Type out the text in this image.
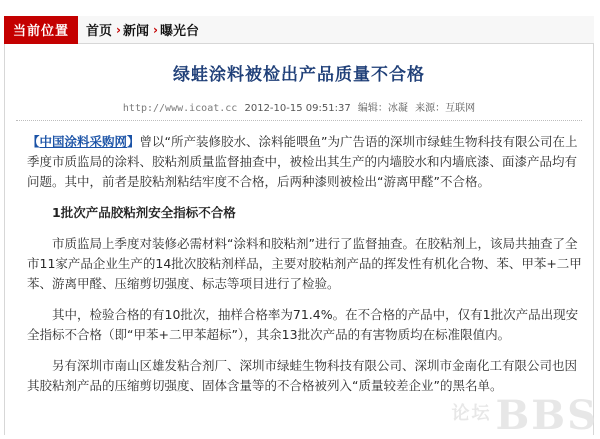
当前位置	首页 › 新闻 › 曝光台
绿蛙涂料被检出产品质量不合格
http://www.icoat.cc 2012-10-15 09:51:37 编辑：冰凝 来源：互联网

【中国涂料采购网】曾以“所产装修胶水、涂料能喂鱼”为广告语的深圳市绿蛙生物科技有限公司在上季度市质监局的涂料、胶粘剂质量监督抽查中，被检出其生产的内墙胶水和内墙底漆、面漆产品均有问题。其中，前者是胶粘剂粘结牢度不合格，后两种漆则被检出“游离甲醛”不合格。

1批次产品胶粘剂安全指标不合格

市质监局上季度对装修必需材料“涂料和胶粘剂”进行了监督抽查。在胶粘剂上，该局共抽查了全市11家产品企业生产的14批次胶粘剂样品，主要对胶粘剂产品的挥发性有机化合物、苯、甲苯+二甲苯、游离甲醛、压缩剪切强度、标志等项目进行了检验。

其中，检验合格的有10批次，抽样合格率为71.4%。在不合格的产品中，仅有1批次产品出现安全指标不合格（即“甲苯+二甲苯超标”），其余13批次产品的有害物质均在标准限值内。

另有深圳市南山区雄发粘合剂厂、深圳市绿蛙生物科技有限公司、深圳市金南化工有限公司也因其胶粘剂产品的压缩剪切强度、固体含量等的不合格被列入“质量较差企业”的黑名单。

$^{论坛}$ BBS
